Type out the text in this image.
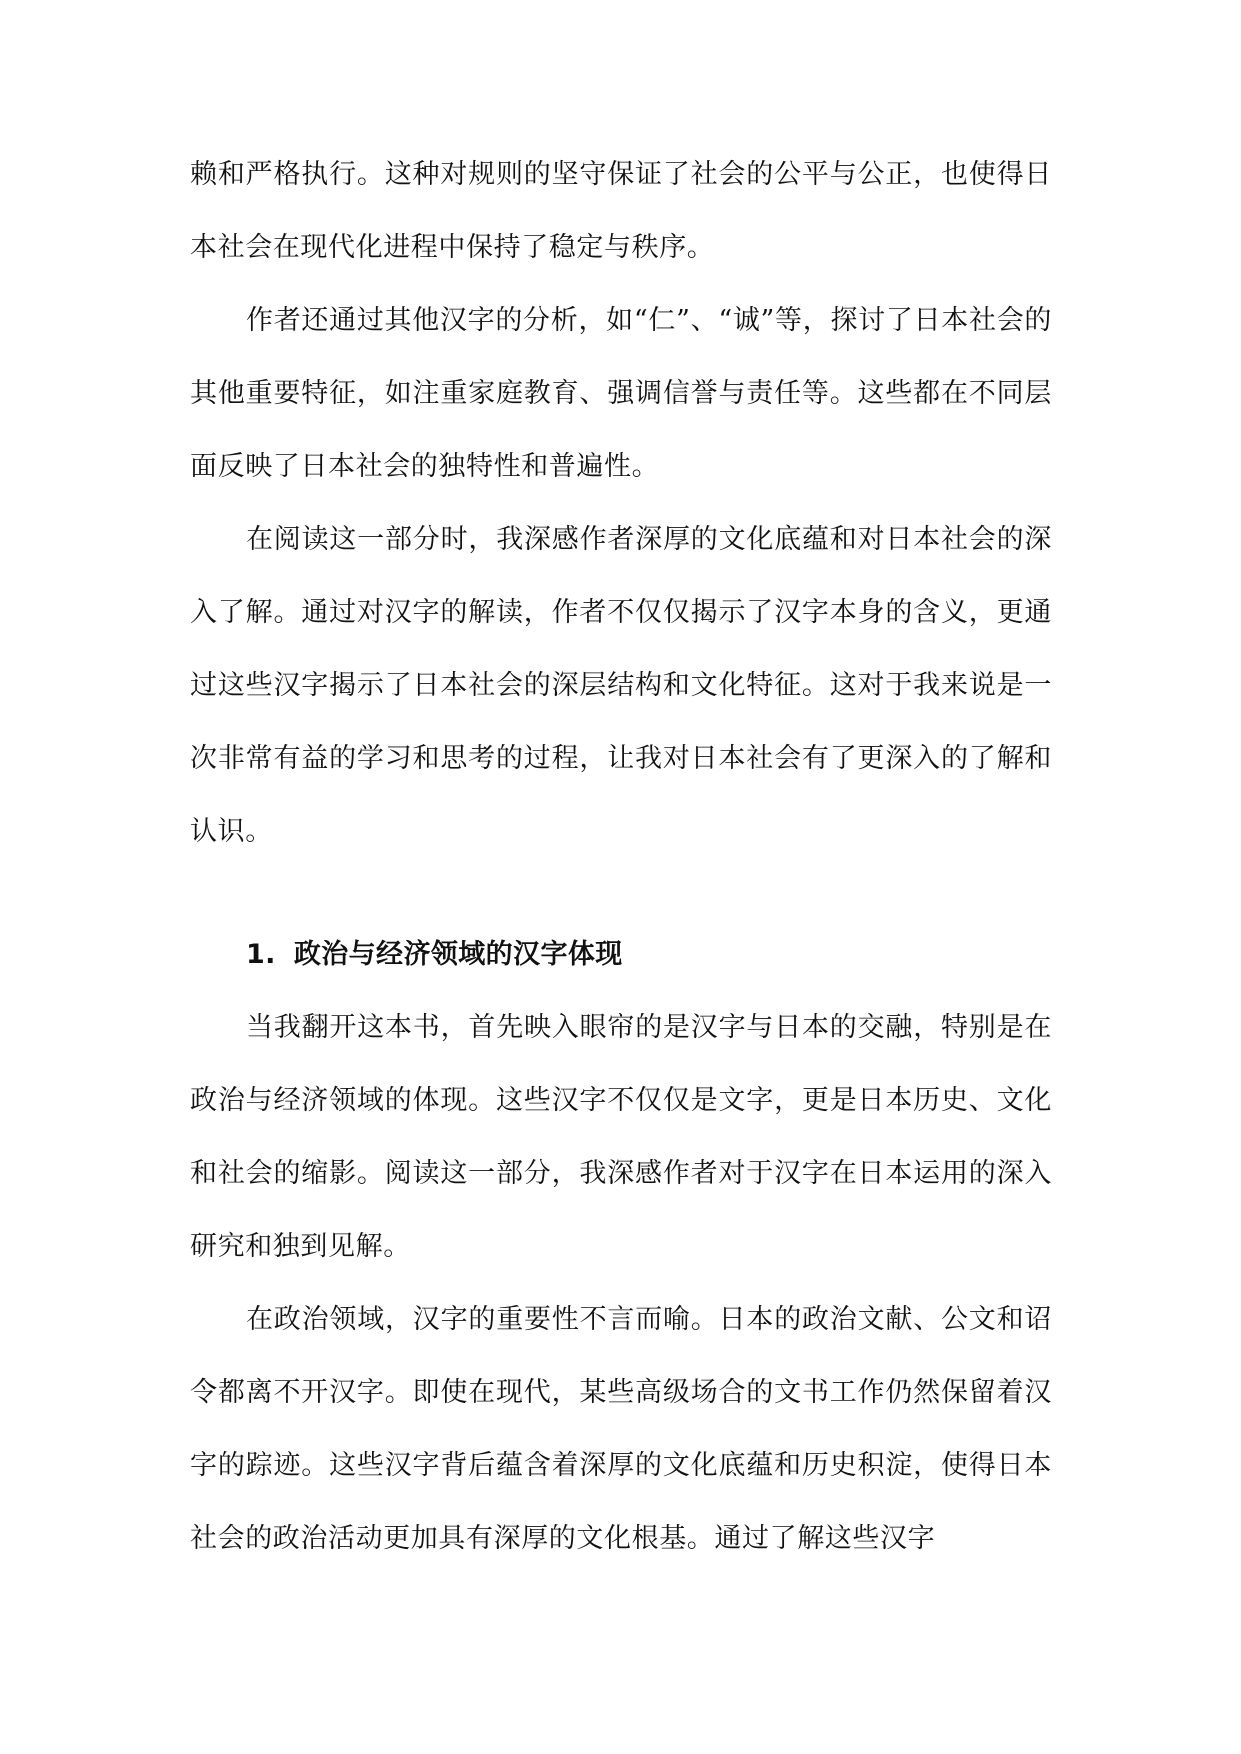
赖和严格执行。这种对规则的坚守保证了社会的公平与公正，也使得日本社会在现代化进程中保持了稳定与秩序。

作者还通过其他汉字的分析，如“仁”、“诚”等，探讨了日本社会的其他重要特征，如注重家庭教育、强调信誉与责任等。这些都在不同层面反映了日本社会的独特性和普遍性。

在阅读这一部分时，我深感作者深厚的文化底蕴和对日本社会的深入了解。通过对汉字的解读，作者不仅仅揭示了汉字本身的含义，更通过这些汉字揭示了日本社会的深层结构和文化特征。这对于我来说是一次非常有益的学习和思考的过程，让我对日本社会有了更深入的了解和认识。

1. 政治与经济领域的汉字体现

当我翻开这本书，首先映入眼帘的是汉字与日本的交融，特别是在政治与经济领域的体现。这些汉字不仅仅是文字，更是日本历史、文化和社会的缩影。阅读这一部分，我深感作者对于汉字在日本运用的深入研究和独到见解。

在政治领域，汉字的重要性不言而喻。日本的政治文献、公文和诏令都离不开汉字。即使在现代，某些高级场合的文书工作仍然保留着汉字的踪迹。这些汉字背后蕴含着深厚的文化底蕴和历史积淀，使得日本社会的政治活动更加具有深厚的文化根基。通过了解这些汉字
